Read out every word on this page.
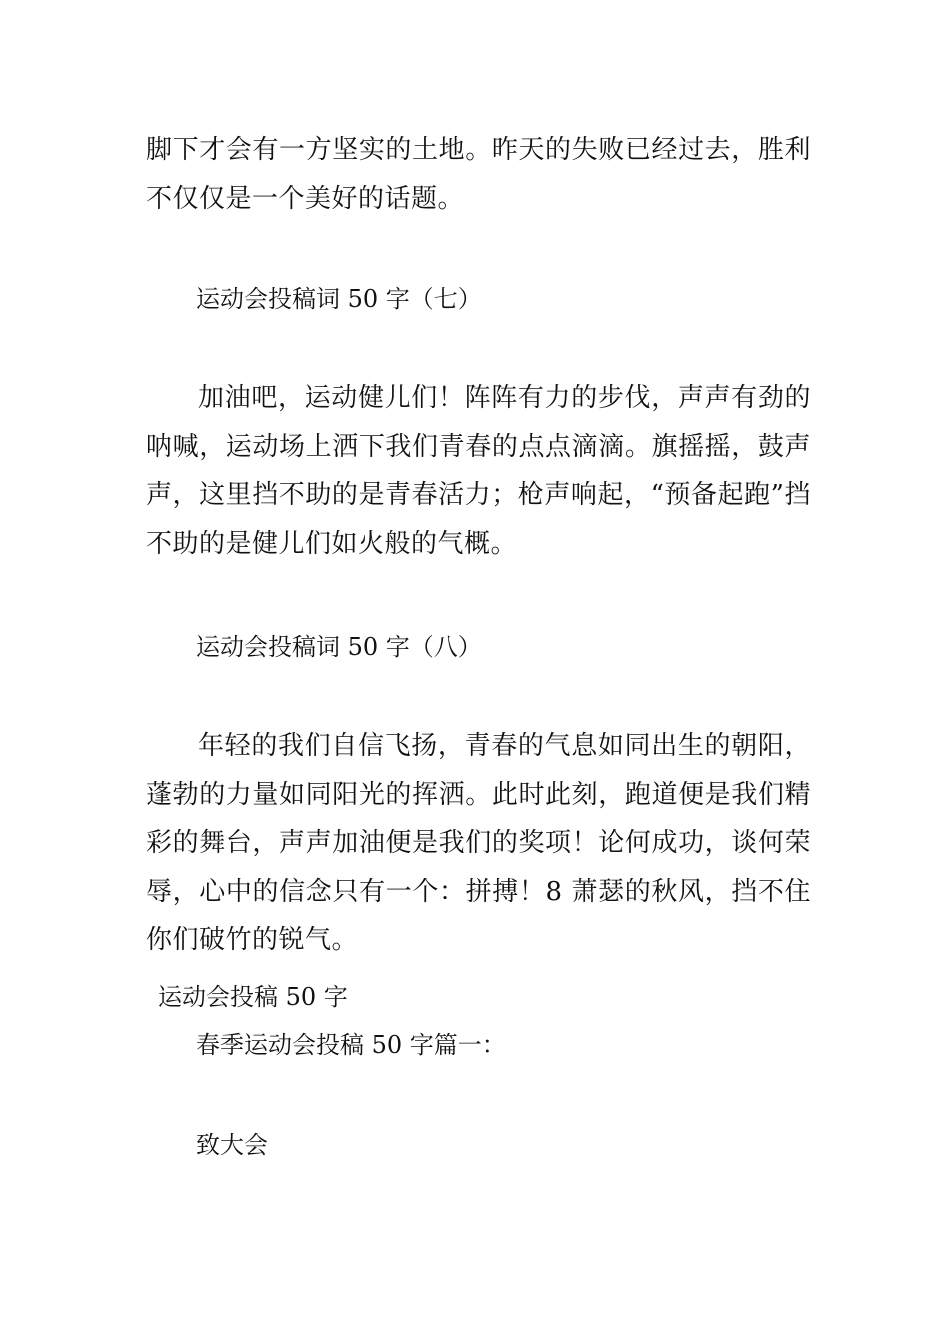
脚下才会有一方坚实的土地。昨天的失败已经过去，胜利不仅仅是一个美好的话题。

运动会投稿词 50 字（七）

加油吧，运动健儿们！阵阵有力的步伐，声声有劲的呐喊，运动场上洒下我们青春的点点滴滴。旗摇摇，鼓声声，这里挡不助的是青春活力；枪声响起，“预备起跑”挡不助的是健儿们如火般的气概。

运动会投稿词 50 字（八）

年轻的我们自信飞扬，青春的气息如同出生的朝阳，蓬勃的力量如同阳光的挥洒。此时此刻，跑道便是我们精彩的舞台，声声加油便是我们的奖项！论何成功，谈何荣辱，心中的信念只有一个：拼搏！8 萧瑟的秋风，挡不住你们破竹的锐气。

运动会投稿 50 字

春季运动会投稿 50 字篇一：

致大会
